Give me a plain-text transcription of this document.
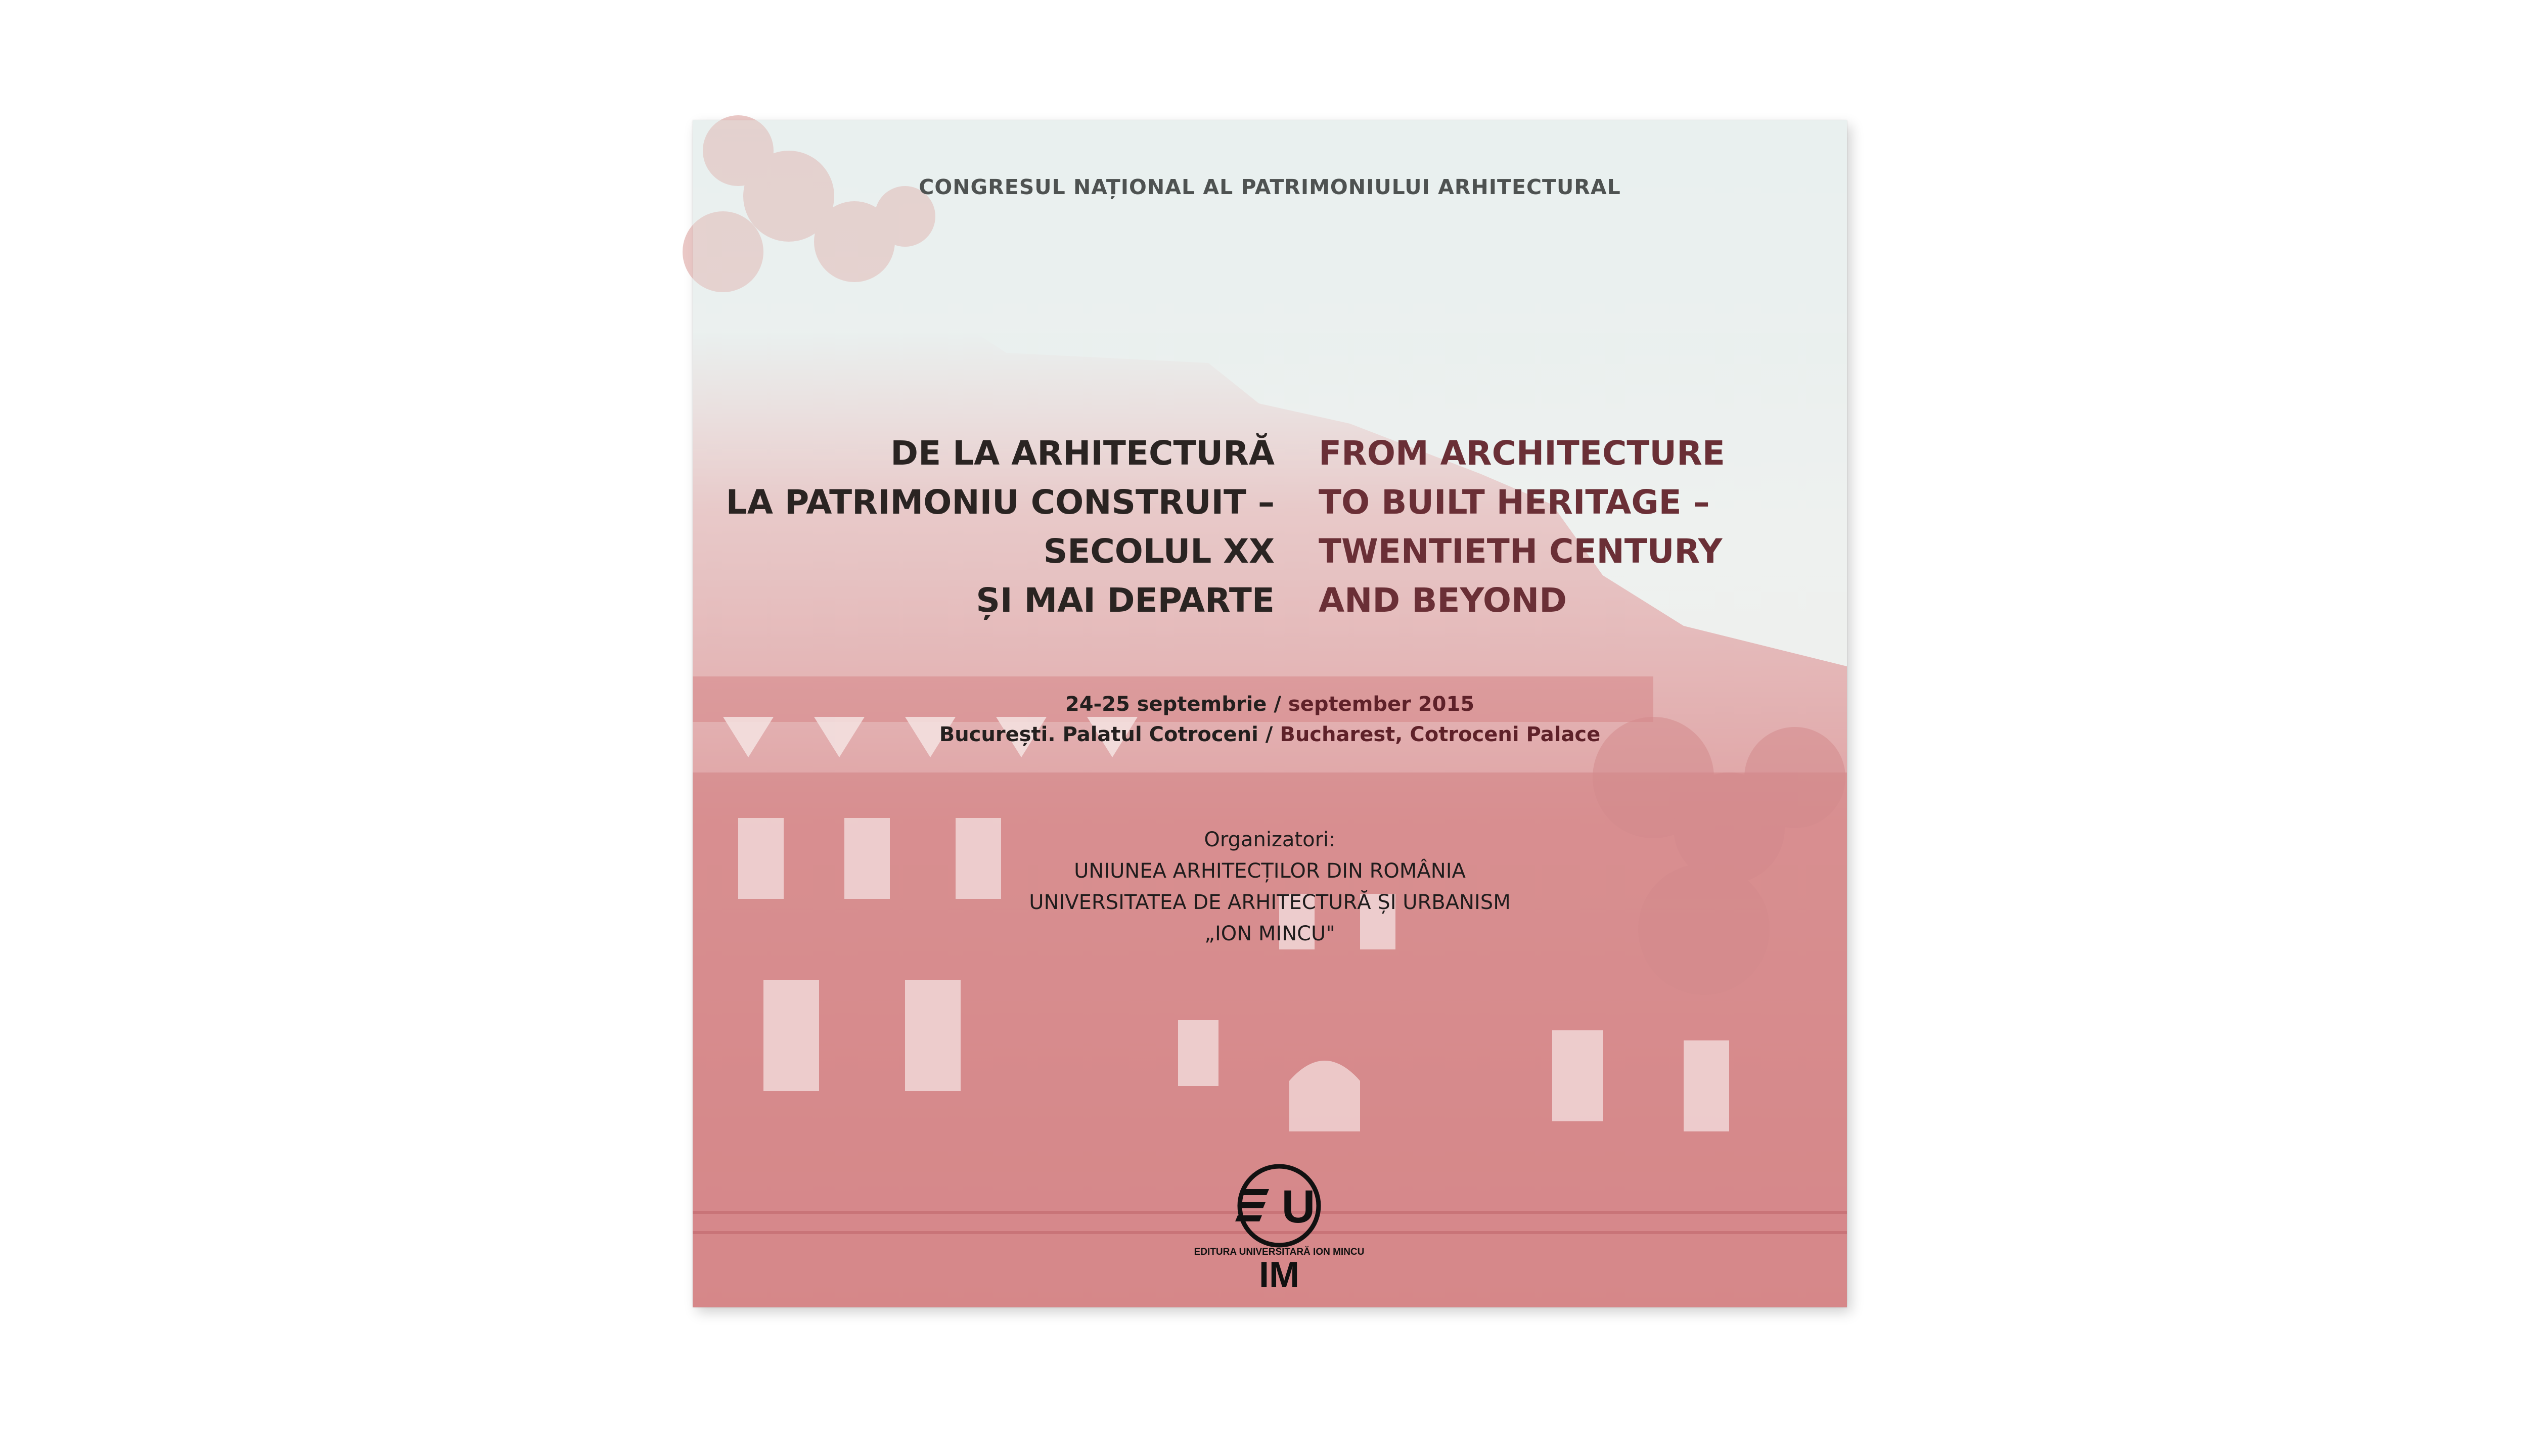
CONGRESUL NAȚIONAL AL PATRIMONIULUI ARHITECTURAL

DE LA ARHITECTURĂ
LA PATRIMONIU CONSTRUIT –
SECOLUL XX
ȘI MAI DEPARTE

FROM ARCHITECTURE
TO BUILT HERITAGE –
TWENTIETH CENTURY
AND BEYOND

24-25 septembrie / september 2015

București. Palatul Cotroceni / Bucharest, Cotroceni Palace

Organizatori:
UNIUNEA ARHITECȚILOR DIN ROMÂNIA
UNIVERSITATEA DE ARHITECTURĂ ȘI URBANISM
„ION MINCU"

U
EDITURA UNIVERSITARĂ ION MINCU
IM
